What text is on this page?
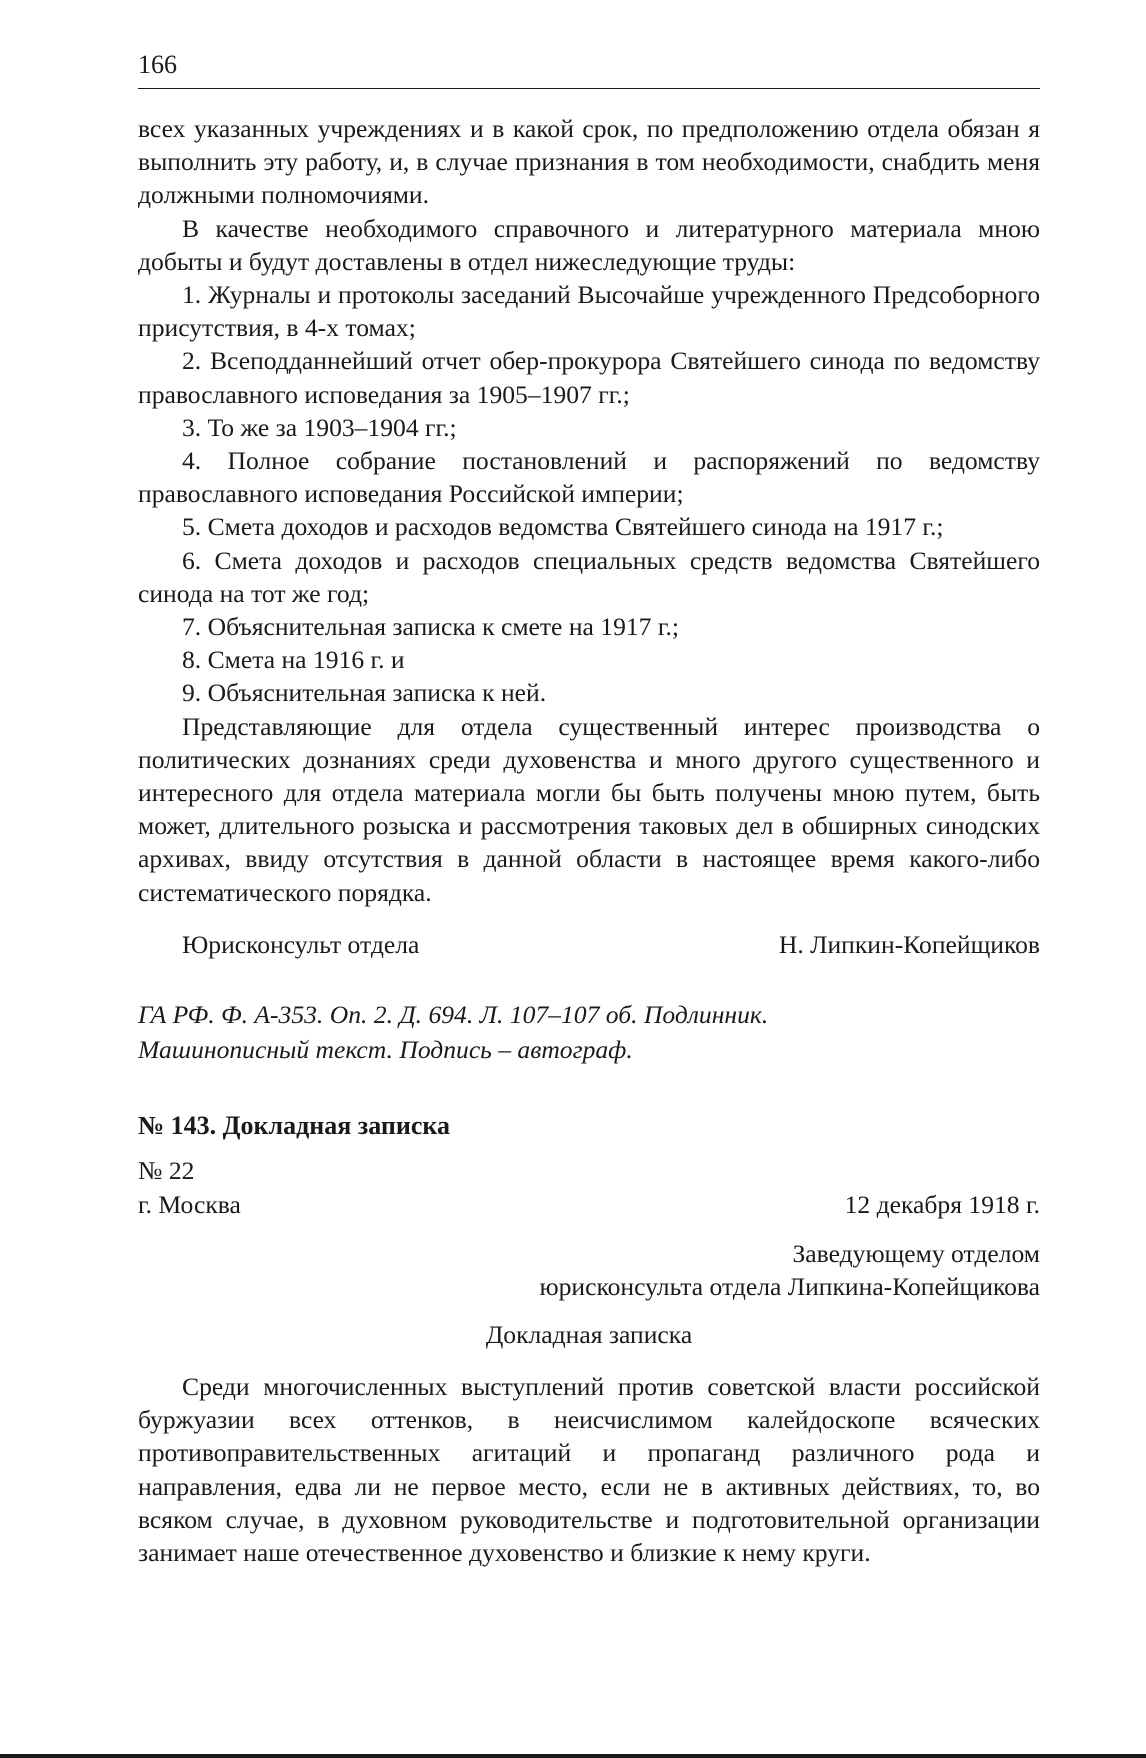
166

всех указанных учреждениях и в какой срок, по предположению отдела обязан я выполнить эту работу, и, в случае признания в том необходимости, снабдить меня должными полномочиями.

В качестве необходимого справочного и литературного материала мною добыты и будут доставлены в отдел нижеследующие труды:

1. Журналы и протоколы заседаний Высочайше учрежденного Предсоборного присутствия, в 4-х томах;

2. Всеподданнейший отчет обер-прокурора Святейшего синода по ведомству православного исповедания за 1905–1907 гг.;

3. То же за 1903–1904 гг.;

4. Полное собрание постановлений и распоряжений по ведомству православного исповедания Российской империи;

5. Смета доходов и расходов ведомства Святейшего синода на 1917 г.;

6. Смета доходов и расходов специальных средств ведомства Святейшего синода на тот же год;

7. Объяснительная записка к смете на 1917 г.;

8. Смета на 1916 г. и

9. Объяснительная записка к ней.

Представляющие для отдела существенный интерес производства о политических дознаниях среди духовенства и много другого существенного и интересного для отдела материала могли бы быть получены мною путем, быть может, длительного розыска и рассмотрения таковых дел в обширных синодских архивах, ввиду отсутствия в данной области в настоящее время какого-либо систематического порядка.

Юрисконсульт отдела	Н. Липкин-Копейщиков
ГА РФ. Ф. А-353. Оп. 2. Д. 694. Л. 107–107 об. Подлинник.
Машинописный текст. Подпись – автограф.
№ 143. Докладная записка
№ 22
г. Москва	12 декабря 1918 г.
Заведующему отделом
юрисконсульта отдела Липкина-Копейщикова
Докладная записка

Среди многочисленных выступлений против советской власти российской буржуазии всех оттенков, в неисчислимом калейдоскопе всяческих противоправительственных агитаций и пропаганд различного рода и направления, едва ли не первое место, если не в активных действиях, то, во всяком случае, в духовном руководительстве и подготовительной организации занимает наше отечественное духовенство и близкие к нему круги.
